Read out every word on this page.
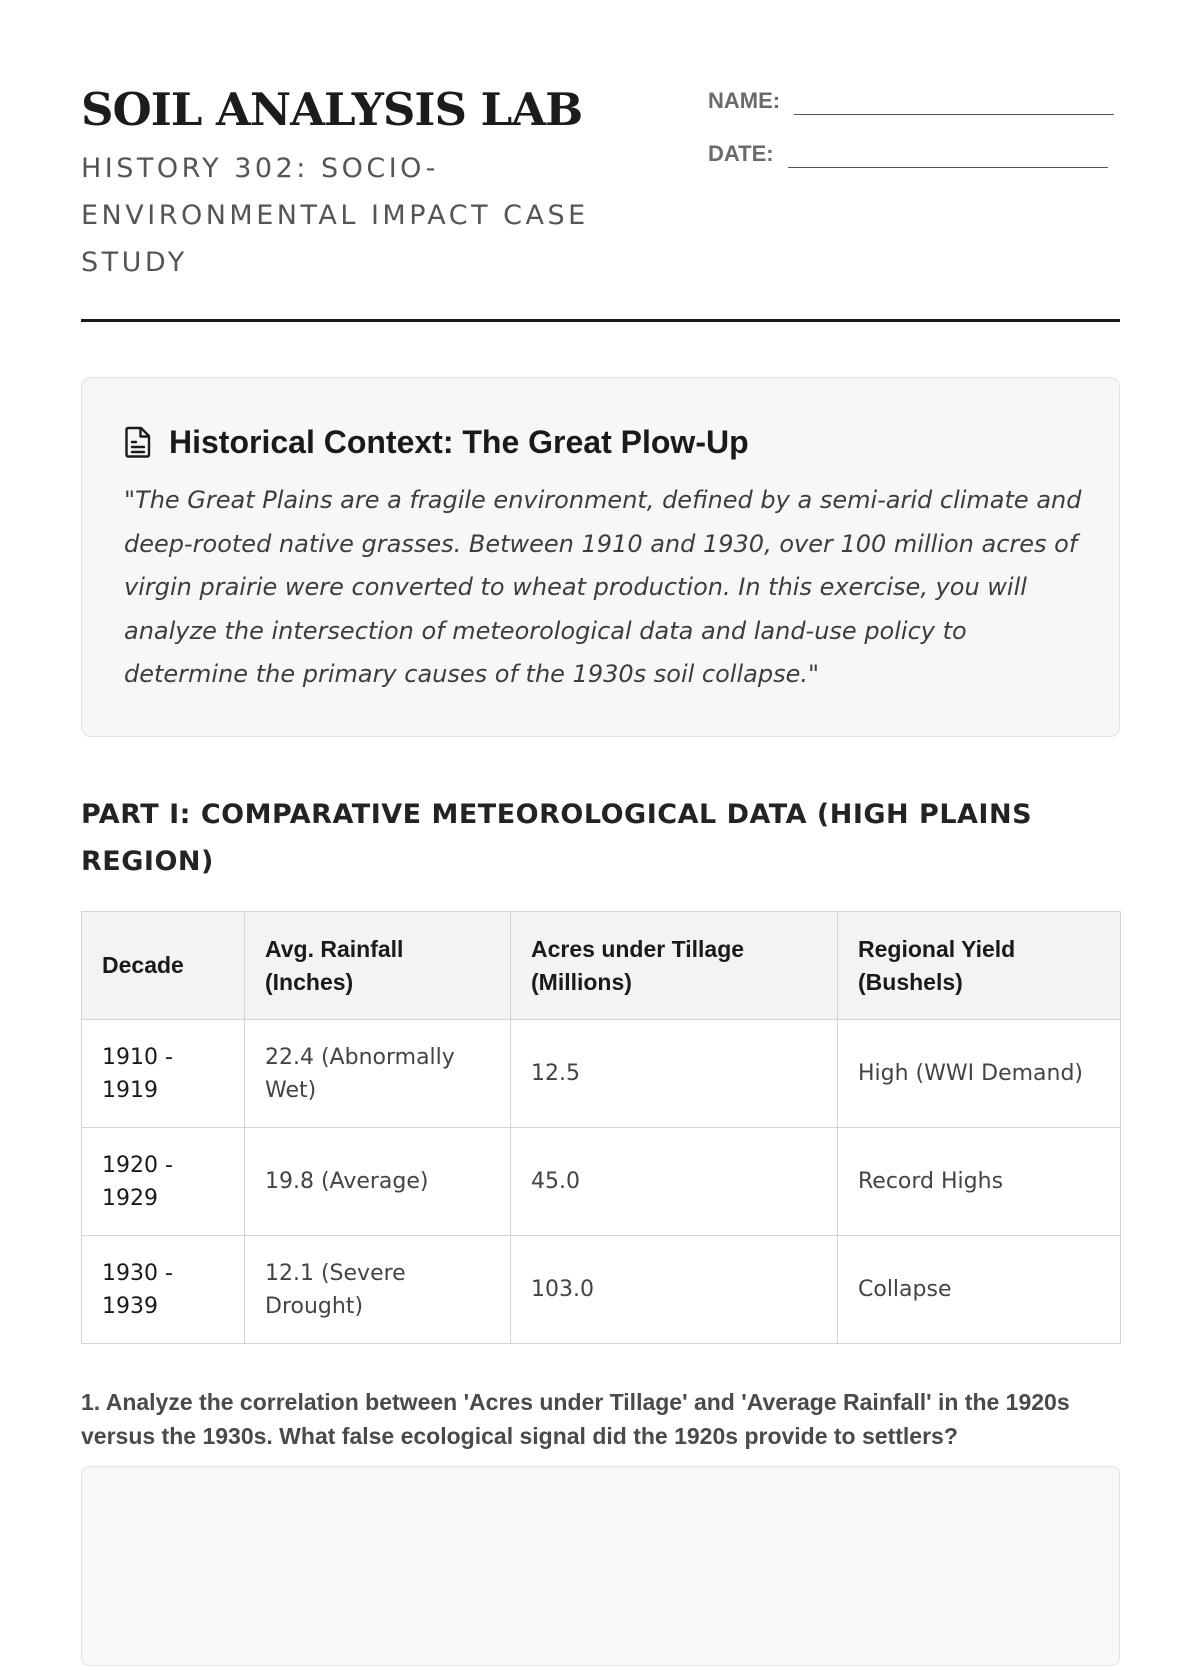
SOIL ANALYSIS LAB

HISTORY 302: SOCIO-ENVIRONMENTAL IMPACT CASE STUDY

NAME:
DATE:
Historical Context: The Great Plow-Up

"The Great Plains are a fragile environment, defined by a semi-arid climate and deep-rooted native grasses. Between 1910 and 1930, over 100 million acres of virgin prairie were converted to wheat production. In this exercise, you will analyze the intersection of meteorological data and land-use policy to determine the primary causes of the 1930s soil collapse."

PART I: COMPARATIVE METEOROLOGICAL DATA (HIGH PLAINS REGION)
Decade	Avg. Rainfall (Inches)	Acres under Tillage (Millions)	Regional Yield (Bushels)
1910 - 1919	22.4 (Abnormally Wet)	12.5	High (WWI Demand)
1920 - 1929	19.8 (Average)	45.0	Record Highs
1930 - 1939	12.1 (Severe Drought)	103.0	Collapse

1. Analyze the correlation between 'Acres under Tillage' and 'Average Rainfall' in the 1920s versus the 1930s. What false ecological signal did the 1920s provide to settlers?
